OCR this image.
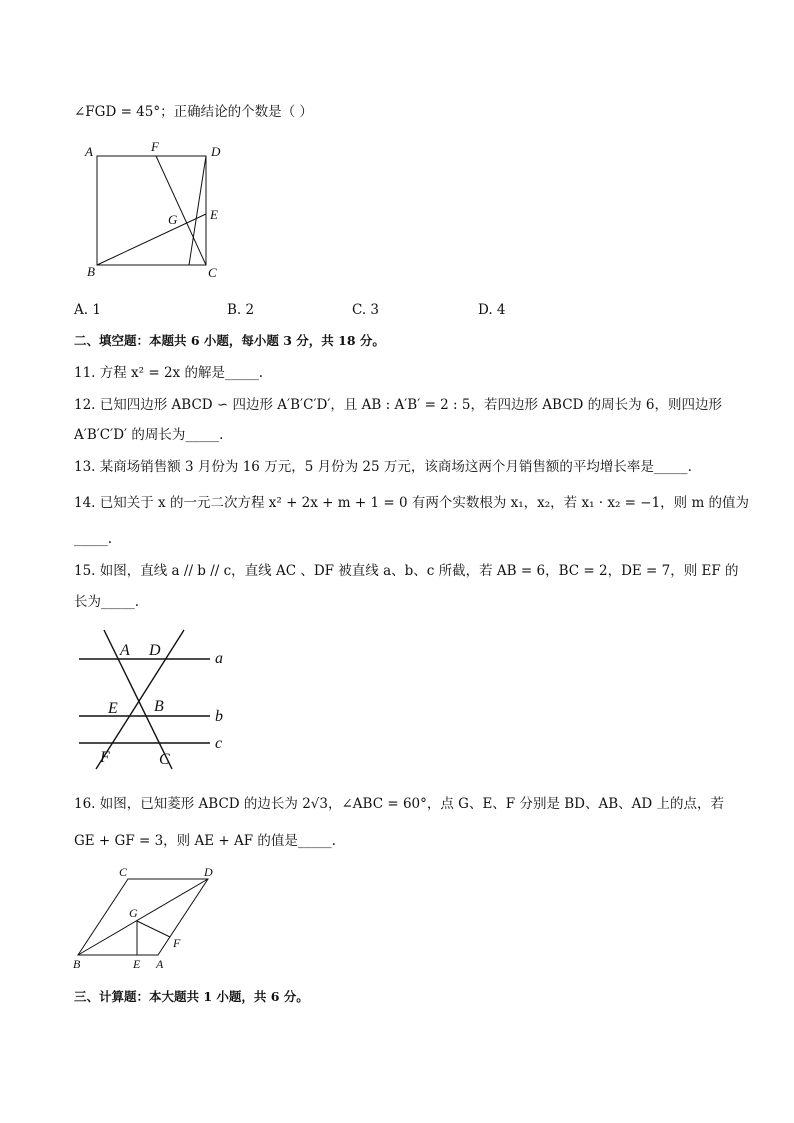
∠FGD = 45°；正确结论的个数是（ ）
A	F	D
G	E
B	C
A. 1	B. 2	C. 3	D. 4
二、填空题：本题共 6 小题，每小题 3 分，共 18 分。
11. 方程 x² = 2x 的解是_____.
12. 已知四边形 ABCD ∽ 四边形 A′B′C′D′，且 AB : A′B′ = 2 : 5，若四边形 ABCD 的周长为 6，则四边形
A′B′C′D′ 的周长为_____.
13. 某商场销售额 3 月份为 16 万元，5 月份为 25 万元，该商场这两个月销售额的平均增长率是_____.
14. 已知关于 x 的一元二次方程 x² + 2x + m + 1 = 0 有两个实数根为 x₁，x₂，若 x₁ · x₂ = −1，则 m 的值为
_____.
15. 如图，直线 a // b // c，直线 AC 、DF 被直线 a、b、c 所截，若 AB = 6，BC = 2，DE = 7，则 EF 的
长为_____.
A D	a
E B
b
c
F	C
16. 如图，已知菱形 ABCD 的边长为 2√3，∠ABC = 60°，点 G、E、F 分别是 BD、AB、AD 上的点，若
GE + GF = 3，则 AE + AF 的值是_____.
C	D
G
F
B	E A
三、计算题：本大题共 1 小题，共 6 分。
